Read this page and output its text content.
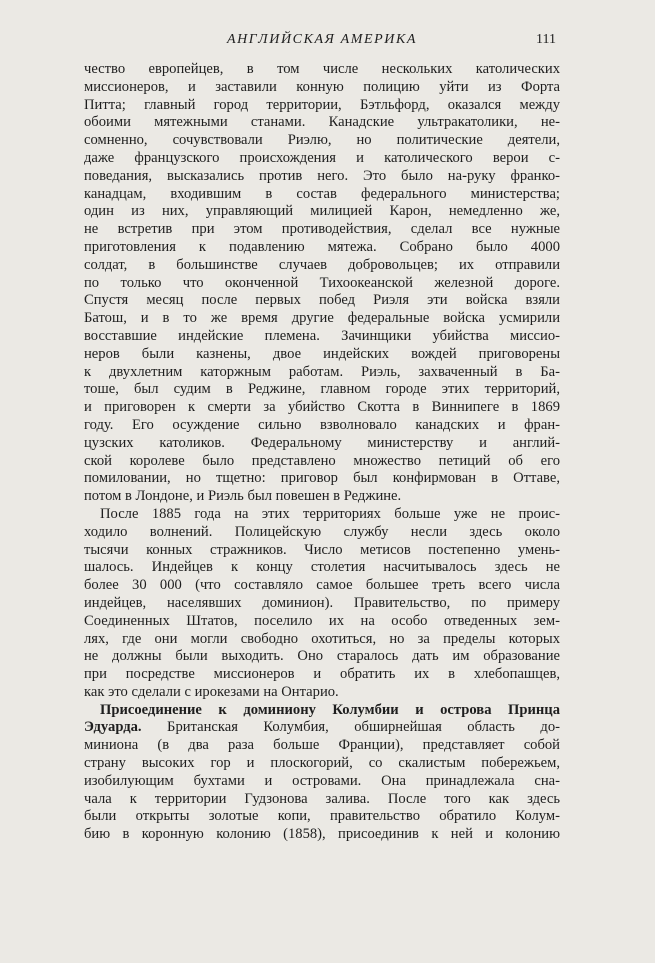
АНГЛИЙСКАЯ АМЕРИКА	111
чество европейцев, в том числе нескольких католических
миссионеров, и заставили конную полицию уйти из Форта
Питта; главный город территории, Бэтльфорд, оказался между
обоими мятежными станами. Канадские ультракатолики, не-
сомненно, сочувствовали Риэлю, но политические деятели,
даже французского происхождения и католического верои с-
поведания, высказались против него. Это было на-руку франко-
канадцам, входившим в состав федерального министерства;
один из них, управляющий милицией Карон, немедленно же,
не встретив при этом противодействия, сделал все нужные
приготовления к подавлению мятежа. Собрано было 4000
солдат, в большинстве случаев добровольцев; их отправили
по только что оконченной Тихоокеанской железной дороге.
Спустя месяц после первых побед Риэля эти войска взяли
Батош, и в то же время другие федеральные войска усмирили
восставшие индейские племена. Зачинщики убийства миссио-
неров были казнены, двое индейских вождей приговорены
к двухлетним каторжным работам. Риэль, захваченный в Ба-
тоше, был судим в Реджине, главном городе этих территорий,
и приговорен к смерти за убийство Скотта в Виннипеге в 1869
году. Его осуждение сильно взволновало канадских и фран-
цузских католиков. Федеральному министерству и англий-
ской королеве было представлено множество петиций об его
помиловании, но тщетно: приговор был конфирмован в Оттаве,
потом в Лондоне, и Риэль был повешен в Реджине.
После 1885 года на этих территориях больше уже не проис-
ходило волнений. Полицейскую службу несли здесь около
тысячи конных стражников. Число метисов постепенно умень-
шалось. Индейцев к концу столетия насчитывалось здесь не
более 30 000 (что составляло самое большее треть всего числа
индейцев, населявших доминион). Правительство, по примеру
Соединенных Штатов, поселило их на особо отведенных зем-
лях, где они могли свободно охотиться, но за пределы которых
не должны были выходить. Оно старалось дать им образование
при посредстве миссионеров и обратить их в хлебопашцев,
как это сделали с ирокезами на Онтарио.
Присоединение к доминиону Колумбии и острова Принца
Эдуарда. Британская Колумбия, обширнейшая область до-
миниона (в два раза больше Франции), представляет собой
страну высоких гор и плоскогорий, со скалистым побережьем,
изобилующим бухтами и островами. Она принадлежала сна-
чала к территории Гудзонова залива. После того как здесь
были открыты золотые копи, правительство обратило Колум-
бию в коронную колонию (1858), присоединив к ней и колонию
